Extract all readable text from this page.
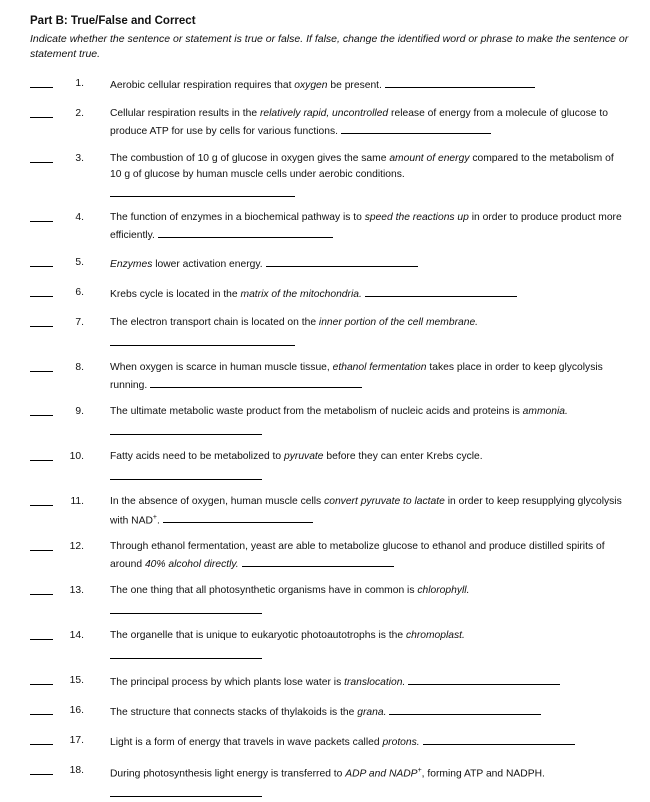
Part B: True/False and Correct
Indicate whether the sentence or statement is true or false. If false, change the identified word or phrase to make the sentence or statement true.
1.	Aerobic cellular respiration requires that oxygen be present.
2.	Cellular respiration results in the relatively rapid, uncontrolled release of energy from a molecule of glucose to produce ATP for use by cells for various functions.
3.	The combustion of 10 g of glucose in oxygen gives the same amount of energy compared to the metabolism of 10 g of glucose by human muscle cells under aerobic conditions.
4.	The function of enzymes in a biochemical pathway is to speed the reactions up in order to produce product more efficiently.
5.	Enzymes lower activation energy.
6.	Krebs cycle is located in the matrix of the mitochondria.
7.	The electron transport chain is located on the inner portion of the cell membrane.
8.	When oxygen is scarce in human muscle tissue, ethanol fermentation takes place in order to keep glycolysis running.
9.	The ultimate metabolic waste product from the metabolism of nucleic acids and proteins is ammonia.
10.	Fatty acids need to be metabolized to pyruvate before they can enter Krebs cycle.
11.	In the absence of oxygen, human muscle cells convert pyruvate to lactate in order to keep resupplying glycolysis with NAD+.
12.	Through ethanol fermentation, yeast are able to metabolize glucose to ethanol and produce distilled spirits of around 40% alcohol directly.
13.	The one thing that all photosynthetic organisms have in common is chlorophyll.
14.	The organelle that is unique to eukaryotic photoautotrophs is the chromoplast.
15.	The principal process by which plants lose water is translocation.
16.	The structure that connects stacks of thylakoids is the grana.
17.	Light is a form of energy that travels in wave packets called protons.
18.	During photosynthesis light energy is transferred to ADP and NADP+, forming ATP and NADPH.
